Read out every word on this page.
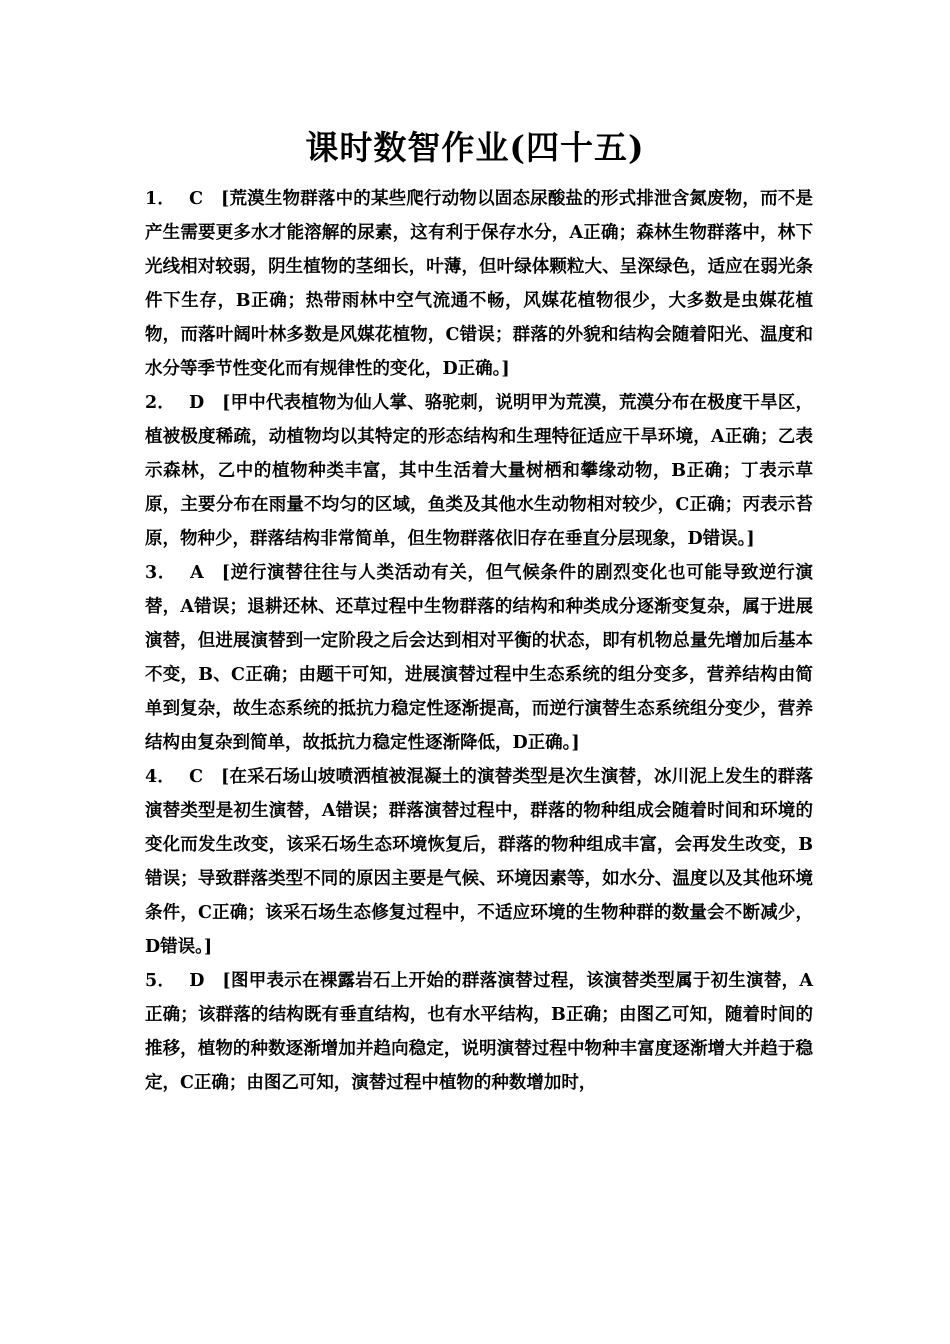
课时数智作业(四十五)

1． C [荒漠生物群落中的某些爬行动物以固态尿酸盐的形式排泄含氮废物，而不是产生需要更多水才能溶解的尿素，这有利于保存水分，A正确；森林生物群落中，林下光线相对较弱，阴生植物的茎细长，叶薄，但叶绿体颗粒大、呈深绿色，适应在弱光条件下生存，B正确；热带雨林中空气流通不畅，风媒花植物很少，大多数是虫媒花植物，而落叶阔叶林多数是风媒花植物，C错误；群落的外貌和结构会随着阳光、温度和水分等季节性变化而有规律性的变化，D正确。]

2． D [甲中代表植物为仙人掌、骆驼刺，说明甲为荒漠，荒漠分布在极度干旱区，植被极度稀疏，动植物均以其特定的形态结构和生理特征适应干旱环境，A正确；乙表示森林，乙中的植物种类丰富，其中生活着大量树栖和攀缘动物，B正确；丁表示草原，主要分布在雨量不均匀的区域，鱼类及其他水生动物相对较少，C正确；丙表示苔原，物种少，群落结构非常简单，但生物群落依旧存在垂直分层现象，D错误。]

3． A [逆行演替往往与人类活动有关，但气候条件的剧烈变化也可能导致逆行演替，A错误；退耕还林、还草过程中生物群落的结构和种类成分逐渐变复杂，属于进展演替，但进展演替到一定阶段之后会达到相对平衡的状态，即有机物总量先增加后基本不变，B、C正确；由题干可知，进展演替过程中生态系统的组分变多，营养结构由简单到复杂，故生态系统的抵抗力稳定性逐渐提高，而逆行演替生态系统组分变少，营养结构由复杂到简单，故抵抗力稳定性逐渐降低，D正确。]

4． C [在采石场山坡喷洒植被混凝土的演替类型是次生演替，冰川泥上发生的群落演替类型是初生演替，A错误；群落演替过程中，群落的物种组成会随着时间和环境的变化而发生改变，该采石场生态环境恢复后，群落的物种组成丰富，会再发生改变，B错误；导致群落类型不同的原因主要是气候、环境因素等，如水分、温度以及其他环境条件，C正确；该采石场生态修复过程中，不适应环境的生物种群的数量会不断减少，D错误。]

5． D [图甲表示在裸露岩石上开始的群落演替过程，该演替类型属于初生演替，A正确；该群落的结构既有垂直结构，也有水平结构，B正确；由图乙可知，随着时间的推移，植物的种数逐渐增加并趋向稳定，说明演替过程中物种丰富度逐渐增大并趋于稳定，C正确；由图乙可知，演替过程中植物的种数增加时，
